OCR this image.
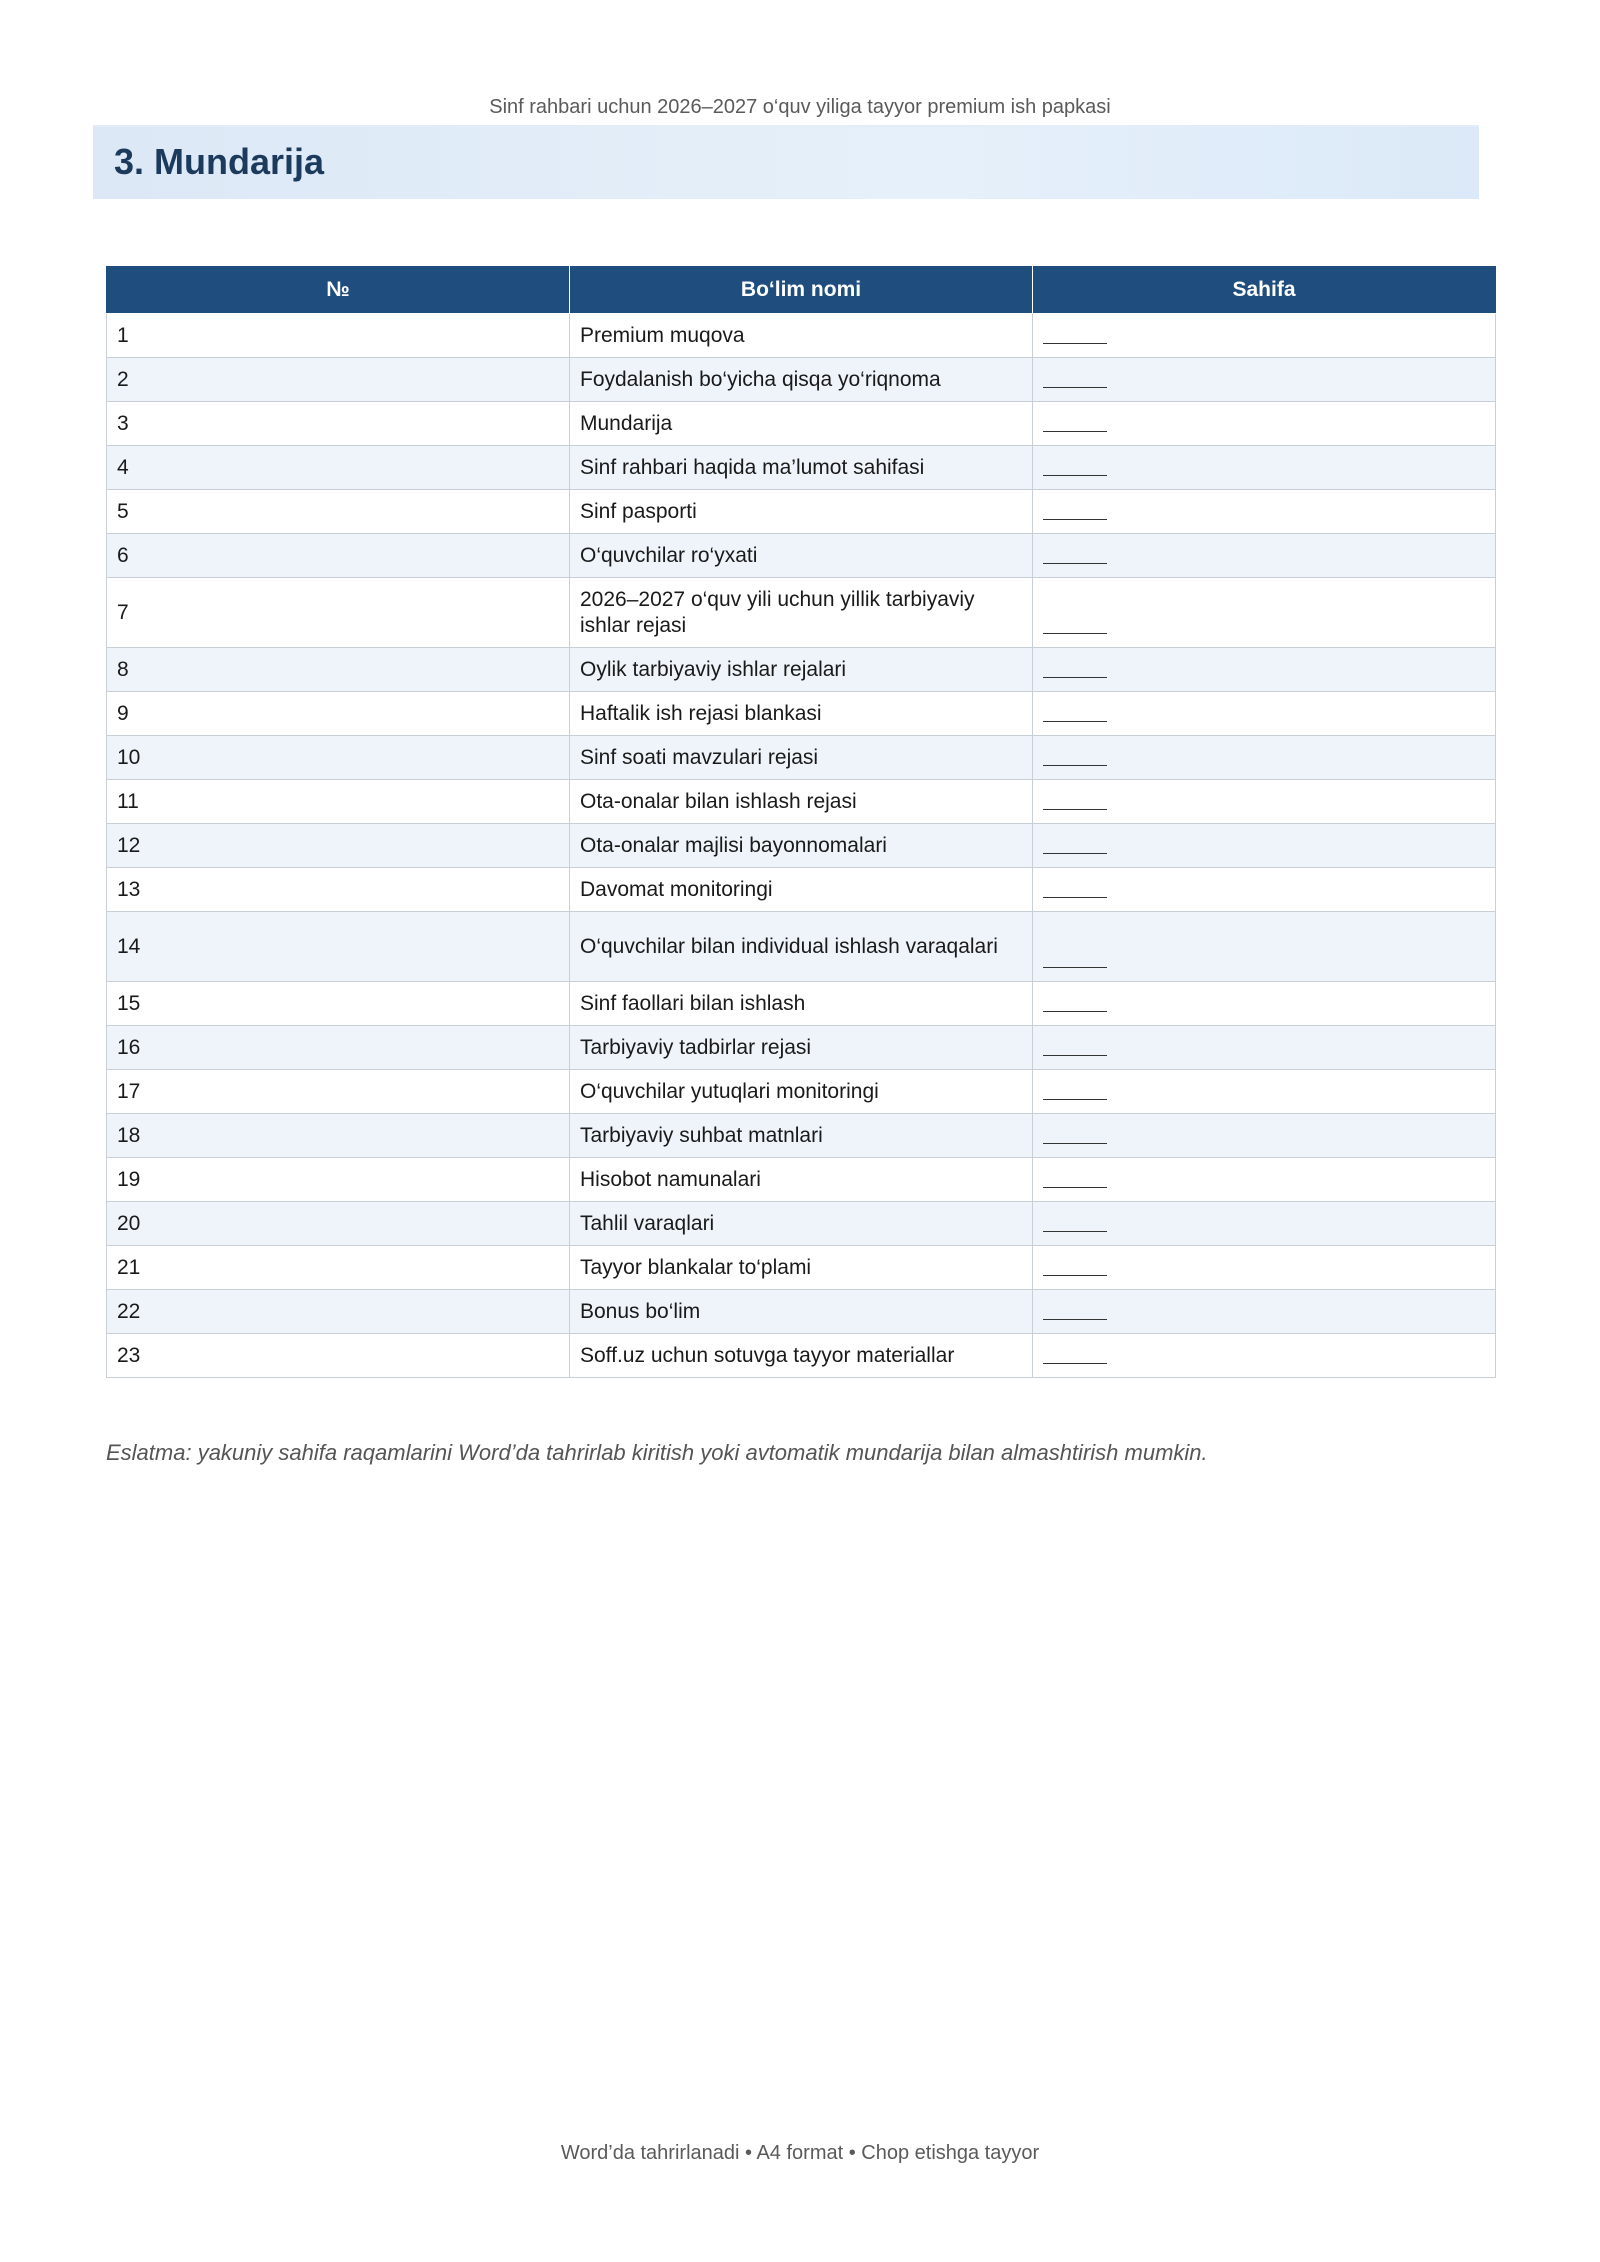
Sinf rahbari uchun 2026–2027 o‘quv yiliga tayyor premium ish papkasi
3. Mundarija
№	Bo‘lim nomi	Sahifa
1	Premium muqova	
2	Foydalanish bo‘yicha qisqa yo‘riqnoma	
3	Mundarija	
4	Sinf rahbari haqida ma’lumot sahifasi	
5	Sinf pasporti	
6	O‘quvchilar ro‘yxati	
7	2026–2027 o‘quv yili uchun yillik tarbiyaviy ishlar rejasi	
8	Oylik tarbiyaviy ishlar rejalari	
9	Haftalik ish rejasi blankasi	
10	Sinf soati mavzulari rejasi	
11	Ota-onalar bilan ishlash rejasi	
12	Ota-onalar majlisi bayonnomalari	
13	Davomat monitoringi	
14	O‘quvchilar bilan individual ishlash varaqalari	
15	Sinf faollari bilan ishlash	
16	Tarbiyaviy tadbirlar rejasi	
17	O‘quvchilar yutuqlari monitoringi	
18	Tarbiyaviy suhbat matnlari	
19	Hisobot namunalari	
20	Tahlil varaqlari	
21	Tayyor blankalar to‘plami	
22	Bonus bo‘lim	
23	Soff.uz uchun sotuvga tayyor materiallar	
Eslatma: yakuniy sahifa raqamlarini Word’da tahrirlab kiritish yoki avtomatik mundarija bilan almashtirish mumkin.
Word’da tahrirlanadi • A4 format • Chop etishga tayyor
